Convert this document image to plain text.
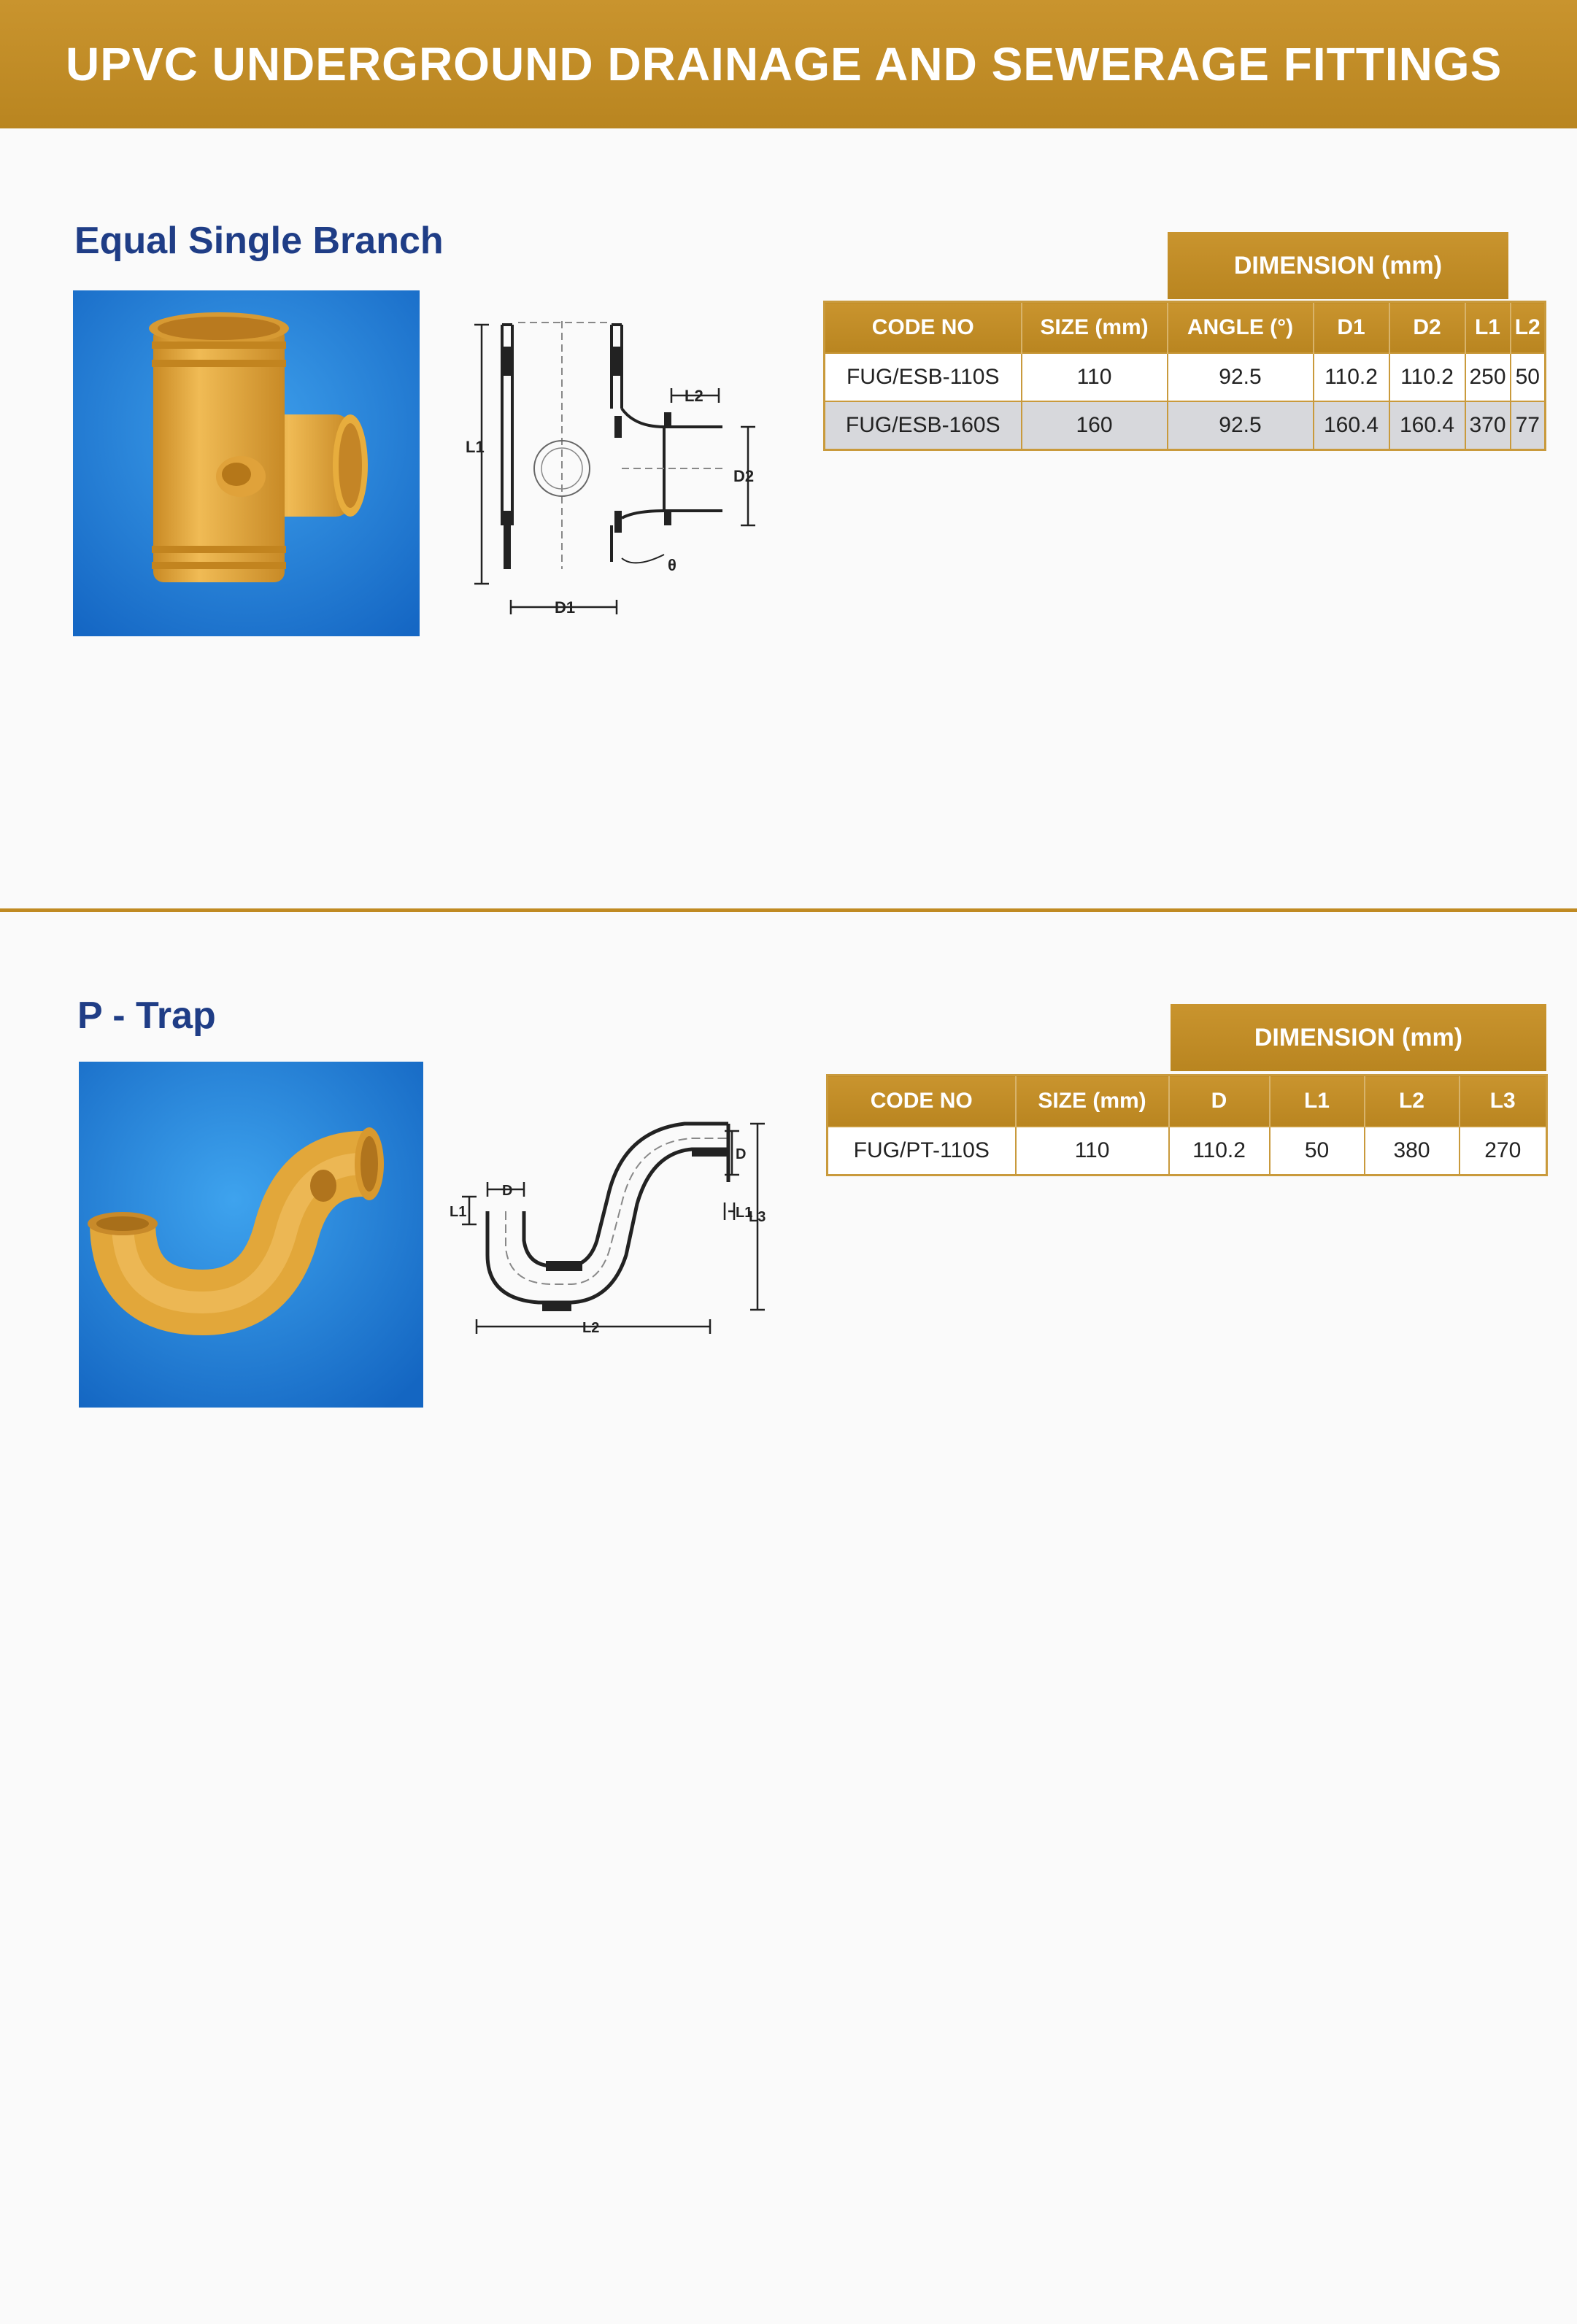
UPVC UNDERGROUND DRAINAGE AND SEWERAGE FITTINGS
Equal Single Branch
L1
D1
L2
D2
θ
DIMENSION (mm)
CODE NO	SIZE (mm)	ANGLE (°)	D1	D2	L1	L2
FUG/ESB-110S	110	92.5	110.2	110.2	250	50
FUG/ESB-160S	160	92.5	160.4	160.4	370	77
P - Trap
D
L1	L1
D
L3
L2
DIMENSION (mm)
CODE NO	SIZE (mm)	D	L1	L2	L3
FUG/PT-110S	110	110.2	50	380	270
